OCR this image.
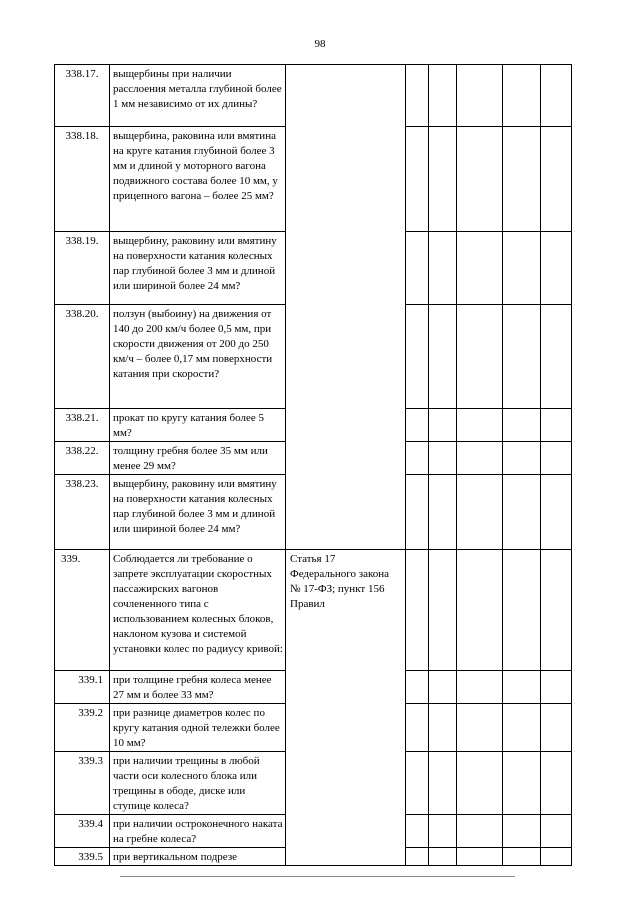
98
338.17.	выщербины при наличии расслоения металла глубиной более 1 мм независимо от их длины?						
338.18.	выщербина, раковина или вмятина на круге катания глубиной более 3 мм и длиной у моторного вагона подвижного состава более 10 мм, у прицепного вагона – более 25 мм?						
338.19.	выщербину, раковину или вмятину на поверхности катания колесных пар глубиной более 3 мм и длиной или шириной более 24 мм?						
338.20.	ползун (выбоину) на движения от 140 до 200 км/ч более 0,5 мм, при скорости движения от 200 до 250 км/ч – более 0,17 мм поверхности катания при скорости?						
338.21.	прокат по кругу катания более 5 мм?						
338.22.	толщину гребня более 35 мм или менее 29 мм?						
338.23.	выщербину, раковину или вмятину на поверхности катания колесных пар глубиной более 3 мм и длиной или шириной более 24 мм?						
339.	Соблюдается ли требование о запрете эксплуатации скоростных пассажирских вагонов сочлененного типа с использованием колесных блоков, наклоном кузова и системой установки колес по радиусу кривой:	Статья 17 Федерального закона № 17-ФЗ; пункт 156 Правил					
339.1	при толщине гребня колеса менее 27 мм и более 33 мм?						
339.2	при разнице диаметров колес по кругу катания одной тележки более 10 мм?						
339.3	при наличии трещины в любой части оси колесного блока или трещины в ободе, диске или ступице колеса?						
339.4	при наличии остроконечного наката на гребне колеса?						
339.5	при вертикальном подрезе						
